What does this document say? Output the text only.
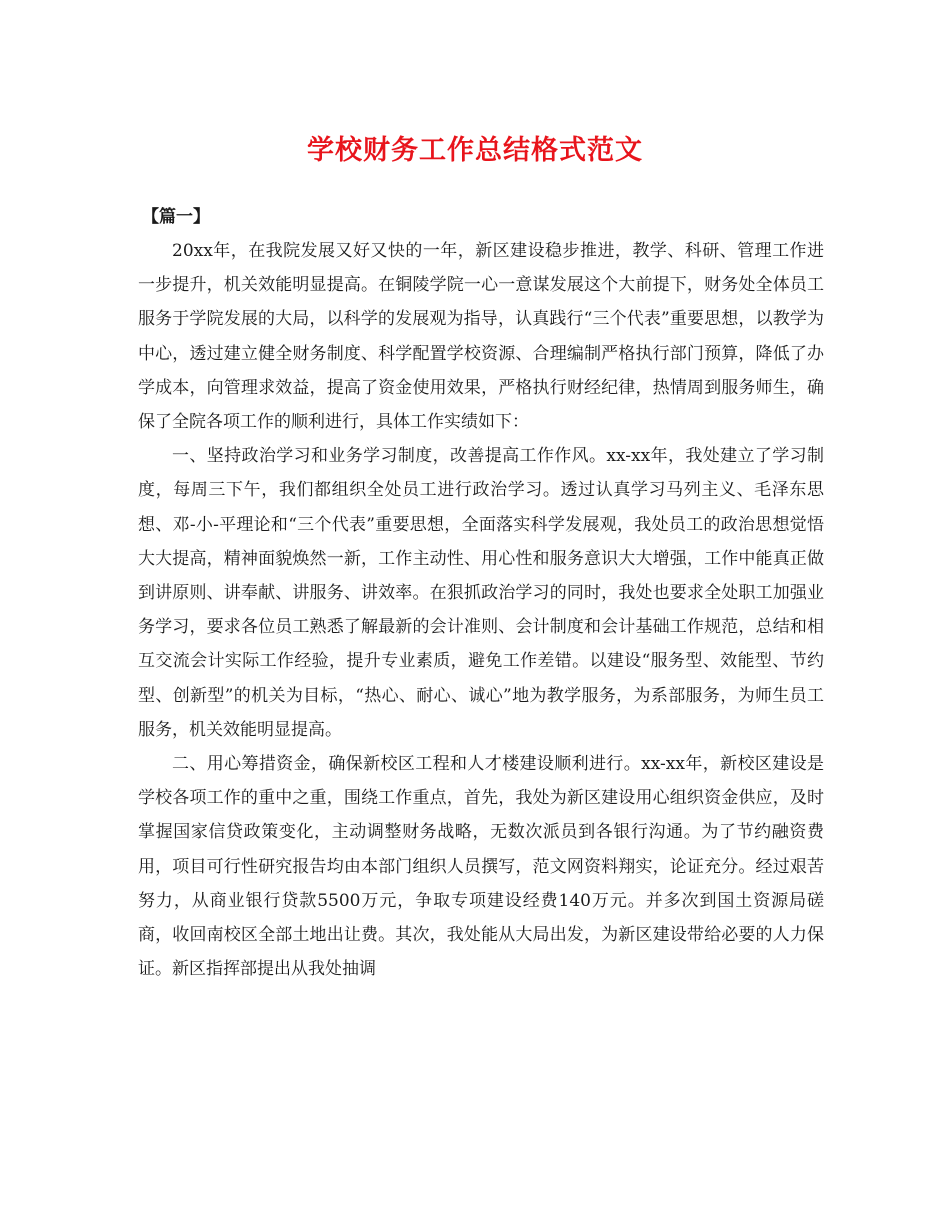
学校财务工作总结格式范文

【篇一】

20xx年，在我院发展又好又快的一年，新区建设稳步推进，教学、科研、管理工作进一步提升，机关效能明显提高。在铜陵学院一心一意谋发展这个大前提下，财务处全体员工服务于学院发展的大局，以科学的发展观为指导，认真践行“三个代表”重要思想，以教学为中心，透过建立健全财务制度、科学配置学校资源、合理编制严格执行部门预算，降低了办学成本，向管理求效益，提高了资金使用效果，严格执行财经纪律，热情周到服务师生，确保了全院各项工作的顺利进行，具体工作实绩如下：

一、坚持政治学习和业务学习制度，改善提高工作作风。xx-xx年，我处建立了学习制度，每周三下午，我们都组织全处员工进行政治学习。透过认真学习马列主义、毛泽东思想、邓-小-平理论和“三个代表”重要思想，全面落实科学发展观，我处员工的政治思想觉悟大大提高，精神面貌焕然一新，工作主动性、用心性和服务意识大大增强，工作中能真正做到讲原则、讲奉献、讲服务、讲效率。在狠抓政治学习的同时，我处也要求全处职工加强业务学习，要求各位员工熟悉了解最新的会计准则、会计制度和会计基础工作规范，总结和相互交流会计实际工作经验，提升专业素质，避免工作差错。以建设“服务型、效能型、节约型、创新型”的机关为目标，“热心、耐心、诚心”地为教学服务，为系部服务，为师生员工服务，机关效能明显提高。

二、用心筹措资金，确保新校区工程和人才楼建设顺利进行。xx-xx年，新校区建设是学校各项工作的重中之重，围绕工作重点，首先，我处为新区建设用心组织资金供应，及时掌握国家信贷政策变化，主动调整财务战略，无数次派员到各银行沟通。为了节约融资费用，项目可行性研究报告均由本部门组织人员撰写，范文网资料翔实，论证充分。经过艰苦努力，从商业银行贷款5500万元，争取专项建设经费140万元。并多次到国土资源局磋商，收回南校区全部土地出让费。其次，我处能从大局出发，为新区建设带给必要的人力保证。新区指挥部提出从我处抽调
